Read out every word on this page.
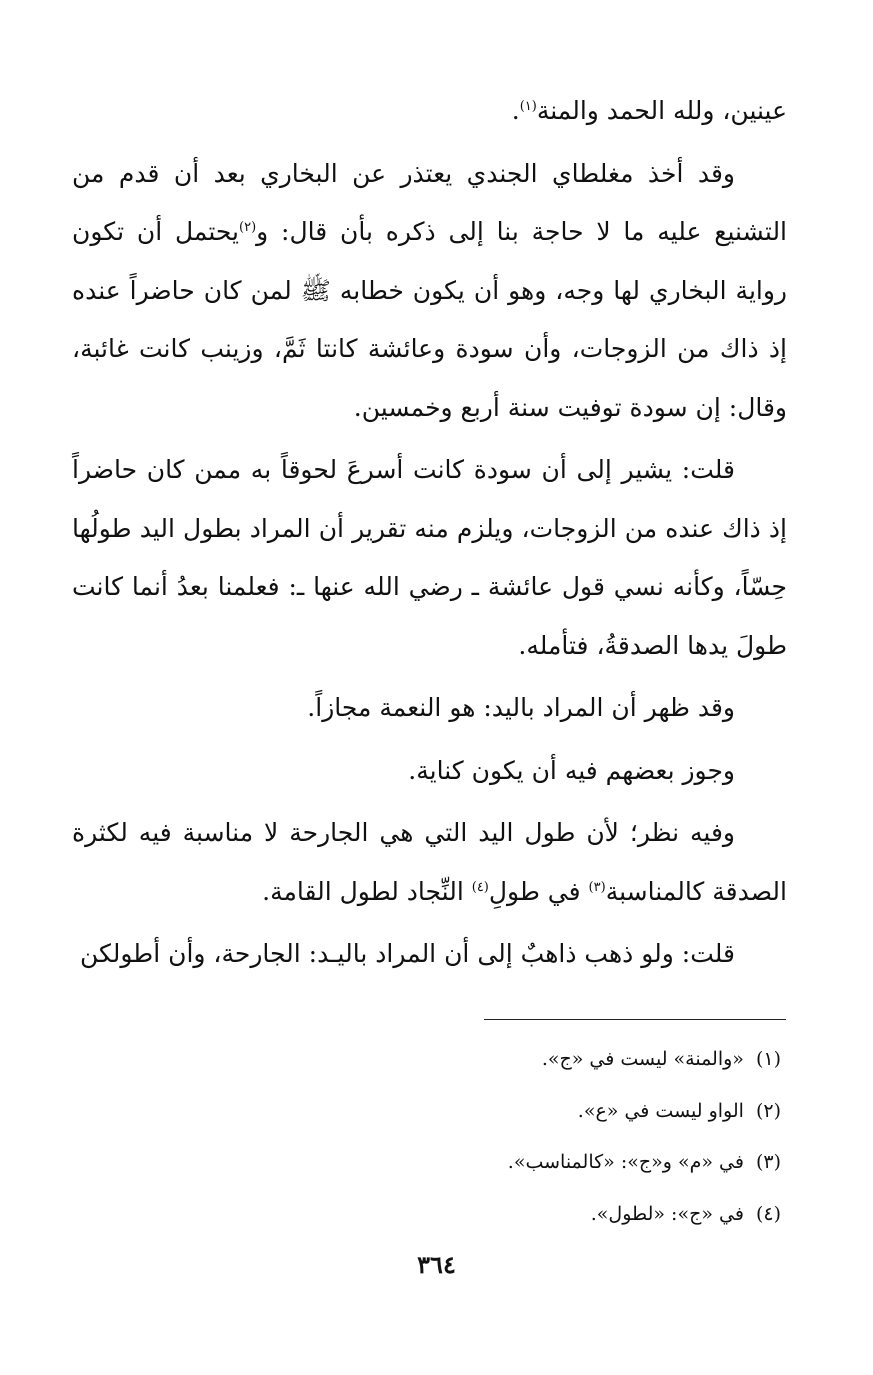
عينين، ولله الحمد والمنة$^{(١)}$.

وقد أخذ مغلطاي الجندي يعتذر عن البخاري بعد أن قدم من التشنيع عليه ما لا حاجة بنا إلى ذكره بأن قال: و$^{(٢)}$يحتمل أن تكون رواية البخاري لها وجه، وهو أن يكون خطابه ﷺ لمن كان حاضراً عنده إذ ذاك من الزوجات، وأن سودة وعائشة كانتا ثَمَّ، وزينب كانت غائبة، وقال: إن سودة توفيت سنة أربع وخمسين.

قلت: يشير إلى أن سودة كانت أسرعَ لحوقاً به ممن كان حاضراً إذ ذاك عنده من الزوجات، ويلزم منه تقرير أن المراد بطول اليد طولُها حِسّاً، وكأنه نسي قول عائشة ـ رضي الله عنها ـ: فعلمنا بعدُ أنما كانت طولَ يدها الصدقةُ، فتأمله.

وقد ظهر أن المراد باليد: هو النعمة مجازاً.

وجوز بعضهم فيه أن يكون كناية.

وفيه نظر؛ لأن طول اليد التي هي الجارحة لا مناسبة فيه لكثرة الصدقة كالمناسبة$^{(٣)}$ في طولِ$^{(٤)}$ النِّجاد لطول القامة.

قلت: ولو ذهب ذاهبٌ إلى أن المراد باليـد: الجارحة، وأن أطولكن

(١)«والمنة» ليست في «ج».
(٢)الواو ليست في «ع».
(٣)في «م» و«ج»: «كالمناسب».
(٤)في «ج»: «لطول».
٣٦٤
